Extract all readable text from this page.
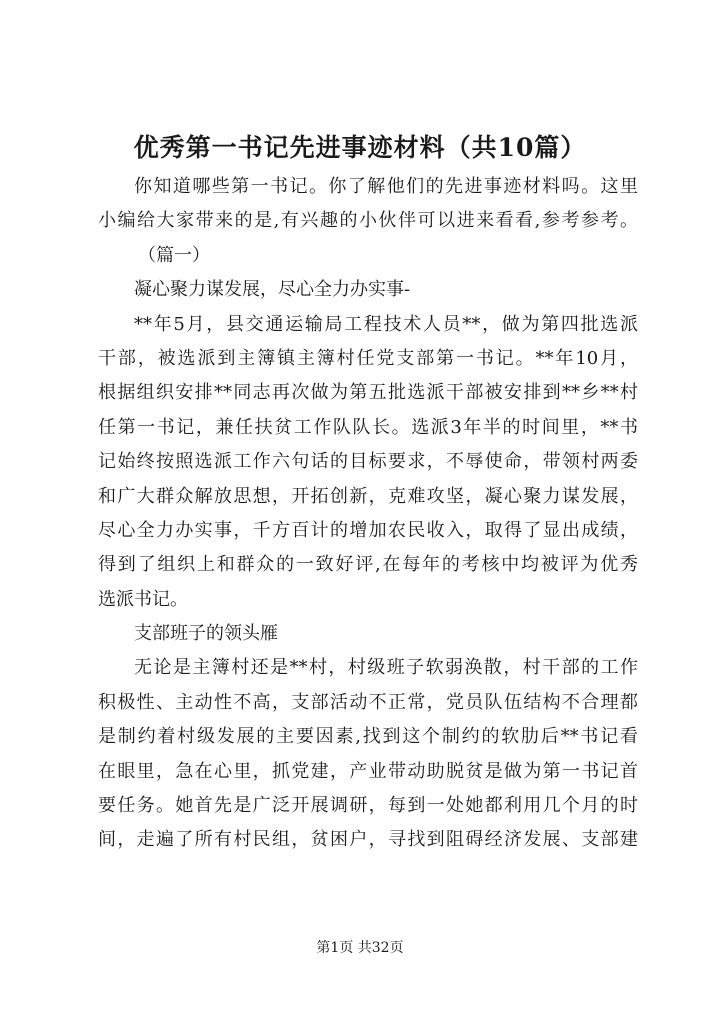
优秀第一书记先进事迹材料（共10篇）
你知道哪些第一书记。你了解他们的先进事迹材料吗。这里
小编给大家带来的是,有兴趣的小伙伴可以进来看看,参考参考。
（篇一）
凝心聚力谋发展，尽心全力办实事-
**年5月，县交通运输局工程技术人员**，做为第四批选派
干部，被选派到主簿镇主簿村任党支部第一书记。**年10月，
根据组织安排**同志再次做为第五批选派干部被安排到**乡**村
任第一书记，兼任扶贫工作队队长。选派3年半的时间里，**书
记始终按照选派工作六句话的目标要求，不辱使命，带领村两委
和广大群众解放思想，开拓创新，克难攻坚，凝心聚力谋发展，
尽心全力办实事，千方百计的增加农民收入，取得了显出成绩，
得到了组织上和群众的一致好评,在每年的考核中均被评为优秀
选派书记。
支部班子的领头雁
无论是主簿村还是**村，村级班子软弱涣散，村干部的工作
积极性、主动性不高，支部活动不正常，党员队伍结构不合理都
是制约着村级发展的主要因素,找到这个制约的软肋后**书记看
在眼里，急在心里，抓党建，产业带动助脱贫是做为第一书记首
要任务。她首先是广泛开展调研，每到一处她都利用几个月的时
间，走遍了所有村民组，贫困户，寻找到阻碍经济发展、支部建
第1页 共32页
